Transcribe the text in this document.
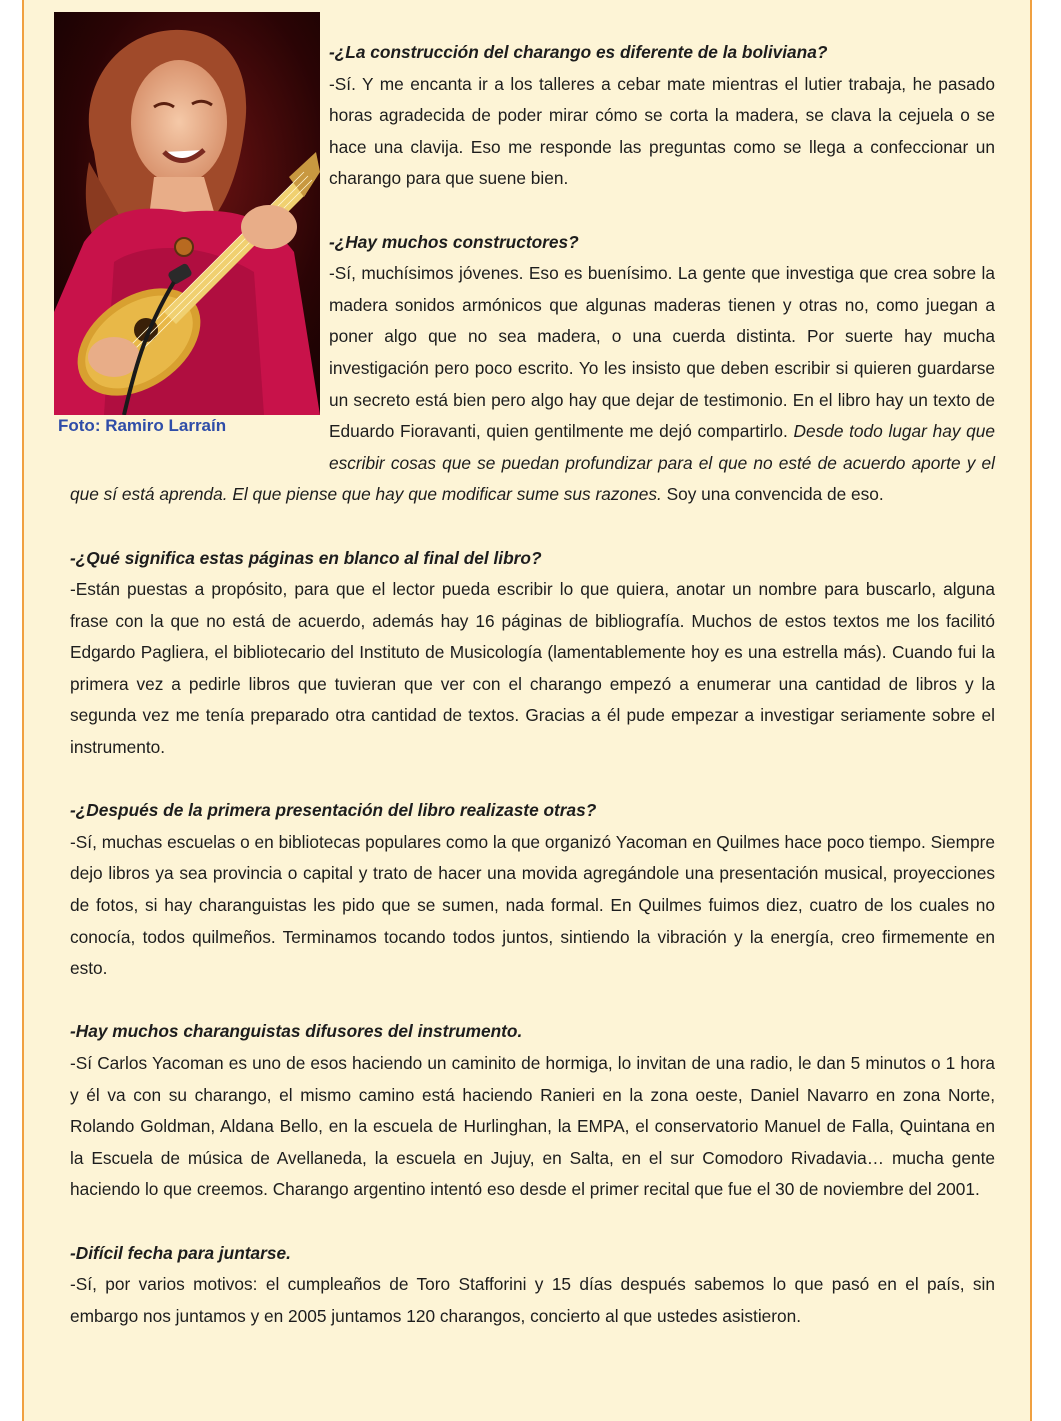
Foto: Ramiro Larraín

-¿La construcción del charango es diferente de la boliviana?

-Sí. Y me encanta ir a los talleres a cebar mate mientras el lutier trabaja, he pasado horas agradecida de poder mirar cómo se corta la madera, se clava la cejuela o se hace una clavija. Eso me responde las preguntas como se llega a confeccionar un charango para que suene bien.

-¿Hay muchos constructores?

-Sí, muchísimos jóvenes. Eso es buenísimo. La gente que investiga que crea sobre la madera sonidos armónicos que algunas maderas tienen y otras no, como juegan a poner algo que no sea madera, o una cuerda distinta. Por suerte hay mucha investigación pero poco escrito. Yo les insisto que deben escribir si quieren guardarse un secreto está bien pero algo hay que dejar de testimonio. En el libro hay un texto de Eduardo Fioravanti, quien gentilmente me dejó compartirlo. Desde todo lugar hay que escribir cosas que se puedan profundizar para el que no esté de acuerdo aporte y el que sí está aprenda. El que piense que hay que modificar sume sus razones. Soy una convencida de eso.

-¿Qué significa estas páginas en blanco al final del libro?

-Están puestas a propósito, para que el lector pueda escribir lo que quiera, anotar un nombre para buscarlo, alguna frase con la que no está de acuerdo, además hay 16 páginas de bibliografía. Muchos de estos textos me los facilitó Edgardo Pagliera, el bibliotecario del Instituto de Musicología (lamentablemente hoy es una estrella más). Cuando fui la primera vez a pedirle libros que tuvieran que ver con el charango empezó a enumerar una cantidad de libros y la segunda vez me tenía preparado otra cantidad de textos. Gracias a él pude empezar a investigar seriamente sobre el instrumento.

-¿Después de la primera presentación del libro realizaste otras?

-Sí, muchas escuelas o en bibliotecas populares como la que organizó Yacoman en Quilmes hace poco tiempo. Siempre dejo libros ya sea provincia o capital y trato de hacer una movida agregándole una presentación musical, proyecciones de fotos, si hay charanguistas les pido que se sumen, nada formal. En Quilmes fuimos diez, cuatro de los cuales no conocía, todos quilmeños. Terminamos tocando todos juntos, sintiendo la vibración y la energía, creo firmemente en esto.

-Hay muchos charanguistas difusores del instrumento.

-Sí Carlos Yacoman es uno de esos haciendo un caminito de hormiga, lo invitan de una radio, le dan 5 minutos o 1 hora y él va con su charango, el mismo camino está haciendo Ranieri en la zona oeste, Daniel Navarro en zona Norte, Rolando Goldman, Aldana Bello, en la escuela de Hurlinghan, la EMPA, el conservatorio Manuel de Falla, Quintana en la Escuela de música de Avellaneda, la escuela en Jujuy, en Salta, en el sur Comodoro Rivadavia… mucha gente haciendo lo que creemos. Charango argentino intentó eso desde el primer recital que fue el 30 de noviembre del 2001.

-Difícil fecha para juntarse.

-Sí, por varios motivos: el cumpleaños de Toro Stafforini y 15 días después sabemos lo que pasó en el país, sin embargo nos juntamos y en 2005 juntamos 120 charangos, concierto al que ustedes asistieron.
